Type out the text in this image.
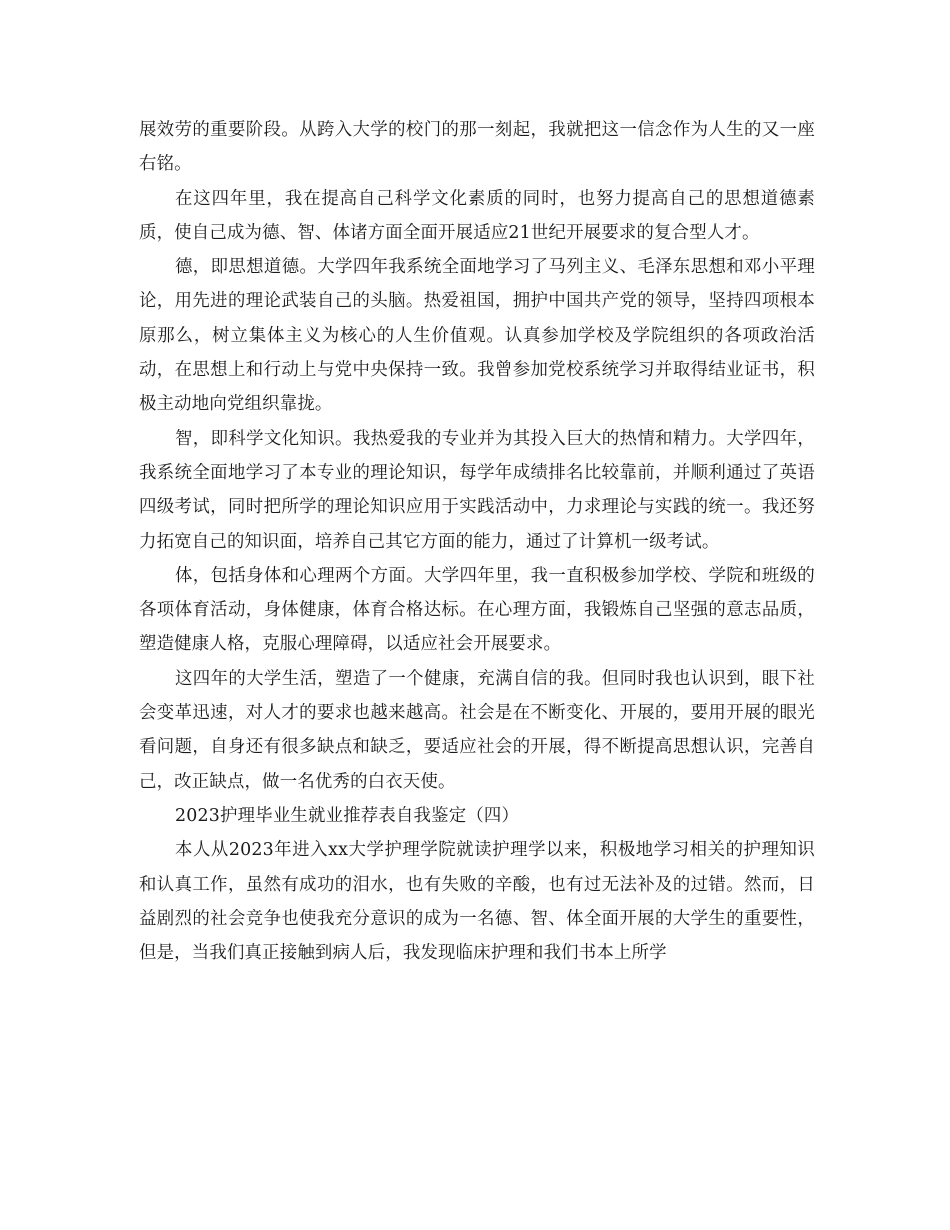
展效劳的重要阶段。从跨入大学的校门的那一刻起，我就把这一信念作为人生的又一座右铭。

在这四年里，我在提高自己科学文化素质的同时，也努力提高自己的思想道德素质，使自己成为德、智、体诸方面全面开展适应21世纪开展要求的复合型人才。

德，即思想道德。大学四年我系统全面地学习了马列主义、毛泽东思想和邓小平理论，用先进的理论武装自己的头脑。热爱祖国，拥护中国共产党的领导，坚持四项根本原那么，树立集体主义为核心的人生价值观。认真参加学校及学院组织的各项政治活动，在思想上和行动上与党中央保持一致。我曾参加党校系统学习并取得结业证书，积极主动地向党组织靠拢。

智，即科学文化知识。我热爱我的专业并为其投入巨大的热情和精力。大学四年，我系统全面地学习了本专业的理论知识，每学年成绩排名比较靠前，并顺利通过了英语四级考试，同时把所学的理论知识应用于实践活动中，力求理论与实践的统一。我还努力拓宽自己的知识面，培养自己其它方面的能力，通过了计算机一级考试。

体，包括身体和心理两个方面。大学四年里，我一直积极参加学校、学院和班级的各项体育活动，身体健康，体育合格达标。在心理方面，我锻炼自己坚强的意志品质，塑造健康人格，克服心理障碍，以适应社会开展要求。

这四年的大学生活，塑造了一个健康，充满自信的我。但同时我也认识到，眼下社会变革迅速，对人才的要求也越来越高。社会是在不断变化、开展的，要用开展的眼光看问题，自身还有很多缺点和缺乏，要适应社会的开展，得不断提高思想认识，完善自己，改正缺点，做一名优秀的白衣天使。

2023护理毕业生就业推荐表自我鉴定（四）

本人从2023年进入xx大学护理学院就读护理学以来，积极地学习相关的护理知识和认真工作，虽然有成功的泪水，也有失败的辛酸，也有过无法补及的过错。然而，日益剧烈的社会竞争也使我充分意识的成为一名德、智、体全面开展的大学生的重要性，但是，当我们真正接触到病人后，我发现临床护理和我们书本上所学
